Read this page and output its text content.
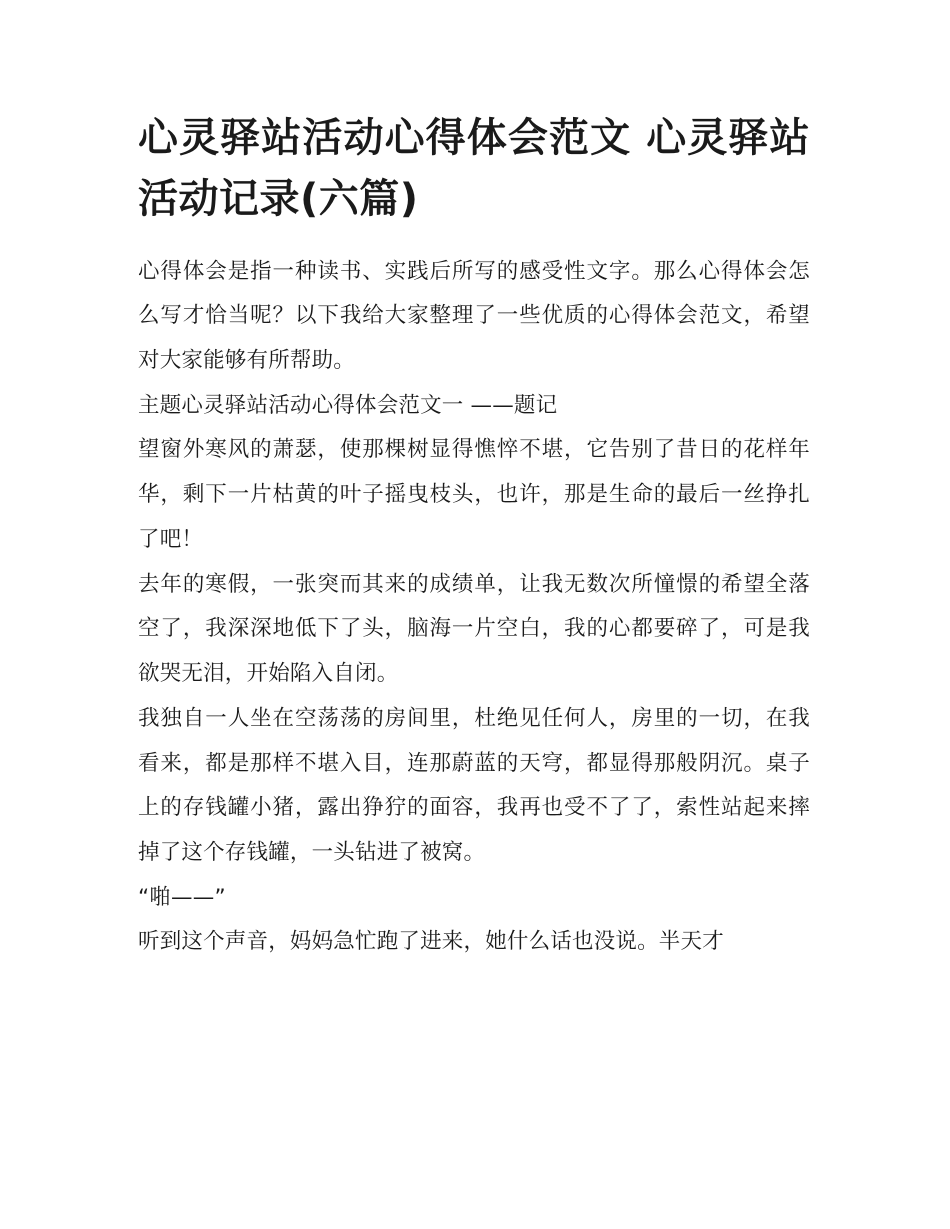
心灵驿站活动心得体会范文 心灵驿站活动记录(六篇)

心得体会是指一种读书、实践后所写的感受性文字。那么心得体会怎么写才恰当呢？以下我给大家整理了一些优质的心得体会范文，希望对大家能够有所帮助。

主题心灵驿站活动心得体会范文一 ——题记

望窗外寒风的萧瑟，使那棵树显得憔悴不堪，它告别了昔日的花样年华，剩下一片枯黄的叶子摇曳枝头，也许，那是生命的最后一丝挣扎了吧！

去年的寒假，一张突而其来的成绩单，让我无数次所憧憬的希望全落空了，我深深地低下了头，脑海一片空白，我的心都要碎了，可是我欲哭无泪，开始陷入自闭。

我独自一人坐在空荡荡的房间里，杜绝见任何人，房里的一切，在我看来，都是那样不堪入目，连那蔚蓝的天穹，都显得那般阴沉。桌子上的存钱罐小猪，露出狰狞的面容，我再也受不了了，索性站起来摔掉了这个存钱罐，一头钻进了被窝。

“啪——”

听到这个声音，妈妈急忙跑了进来，她什么话也没说。半天才
